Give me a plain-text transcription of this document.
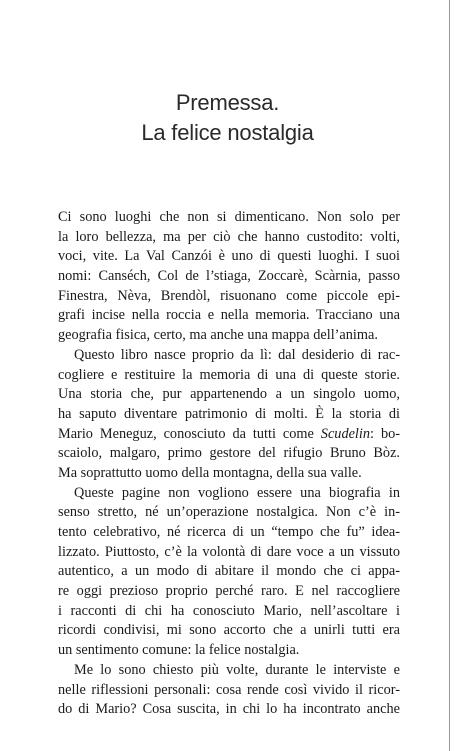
Premessa.
La felice nostalgia
Ci sono luoghi che non si dimenticano. Non solo per
la loro bellezza, ma per ciò che hanno custodito: volti,
voci, vite. La Val Canzói è uno di questi luoghi. I suoi
nomi: Canséch, Col de l’stiaga, Zoccarè, Scàrnia, passo
Finestra, Nèva, Brendòl, risuonano come piccole epi-
grafi incise nella roccia e nella memoria. Tracciano una
geografia fisica, certo, ma anche una mappa dell’anima.
Questo libro nasce proprio da lì: dal desiderio di rac-
cogliere e restituire la memoria di una di queste storie.
Una storia che, pur appartenendo a un singolo uomo,
ha saputo diventare patrimonio di molti. È la storia di
Mario Meneguz, conosciuto da tutti come Scudelin: bo-
scaiolo, malgaro, primo gestore del rifugio Bruno Bòz.
Ma soprattutto uomo della montagna, della sua valle.
Queste pagine non vogliono essere una biografia in
senso stretto, né un’operazione nostalgica. Non c’è in-
tento celebrativo, né ricerca di un “tempo che fu” idea-
lizzato. Piuttosto, c’è la volontà di dare voce a un vissuto
autentico, a un modo di abitare il mondo che ci appa-
re oggi prezioso proprio perché raro. E nel raccogliere
i racconti di chi ha conosciuto Mario, nell’ascoltare i
ricordi condivisi, mi sono accorto che a unirli tutti era
un sentimento comune: la felice nostalgia.
Me lo sono chiesto più volte, durante le interviste e
nelle riflessioni personali: cosa rende così vivido il ricor-
do di Mario? Cosa suscita, in chi lo ha incontrato anche
